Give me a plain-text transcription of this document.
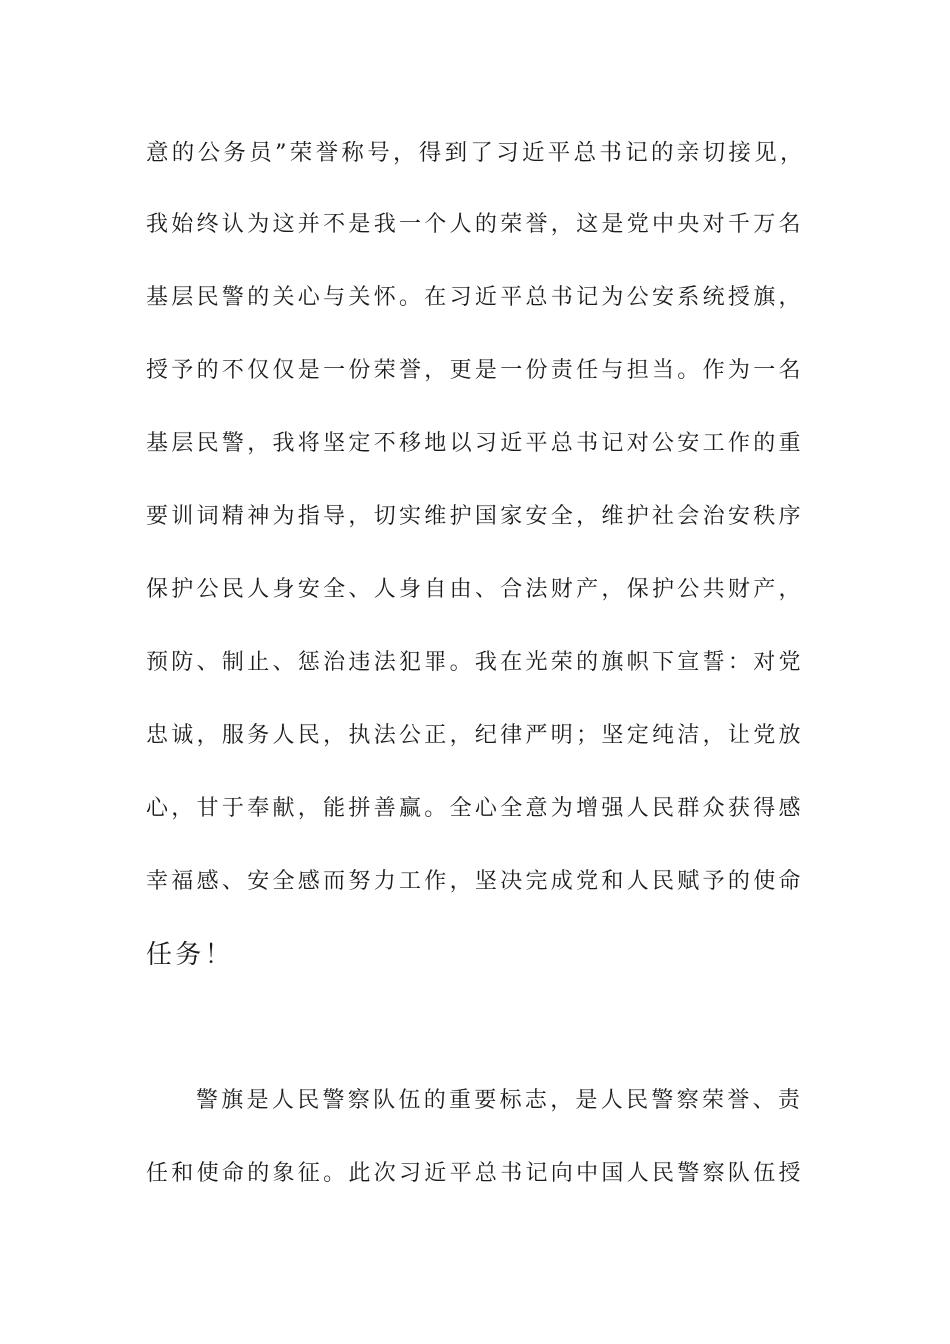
意的公务员”荣誉称号，得到了习近平总书记的亲切接见，
我始终认为这并不是我一个人的荣誉，这是党中央对千万名
基层民警的关心与关怀。在习近平总书记为公安系统授旗，
授予的不仅仅是一份荣誉，更是一份责任与担当。作为一名
基层民警，我将坚定不移地以习近平总书记对公安工作的重
要训词精神为指导，切实维护国家安全，维护社会治安秩序
保护公民人身安全、人身自由、合法财产，保护公共财产，
预防、制止、惩治违法犯罪。我在光荣的旗帜下宣誓：对党
忠诚，服务人民，执法公正，纪律严明；坚定纯洁，让党放
心，甘于奉献，能拼善赢。全心全意为增强人民群众获得感
幸福感、安全感而努力工作，坚决完成党和人民赋予的使命
任务！
警旗是人民警察队伍的重要标志，是人民警察荣誉、责
任和使命的象征。此次习近平总书记向中国人民警察队伍授
